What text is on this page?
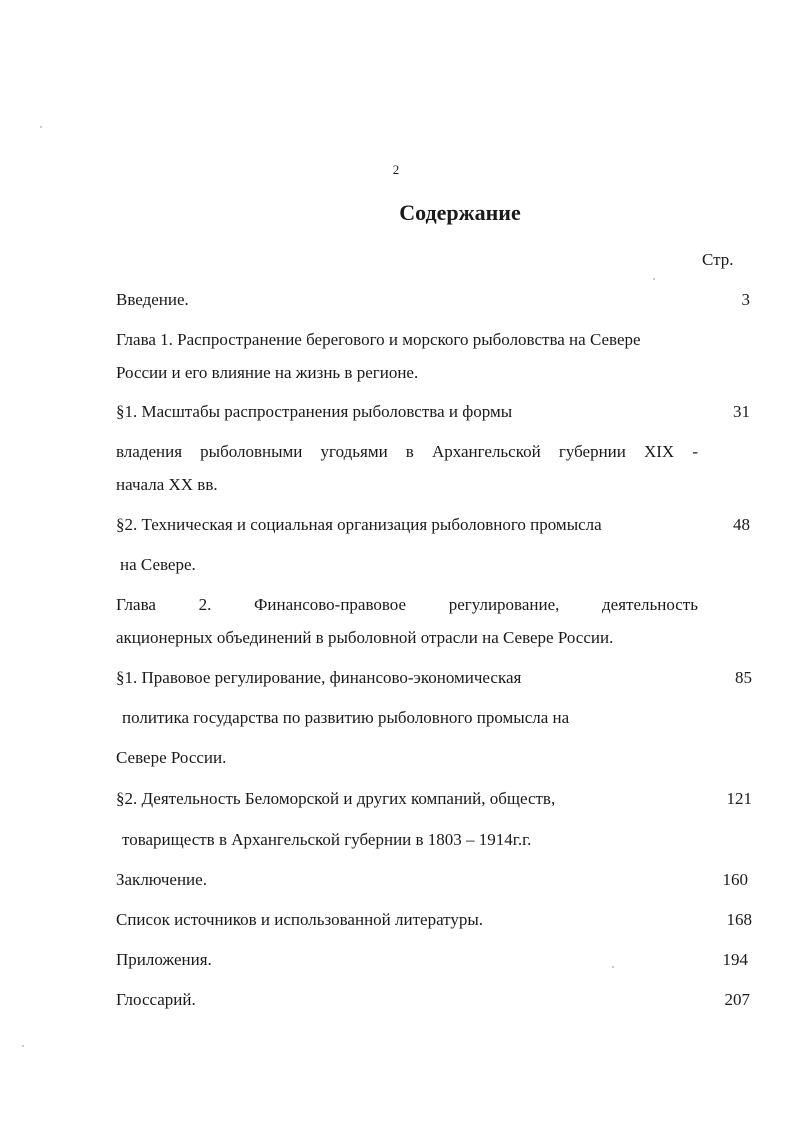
2
Содержание
Стр.
Введение.	3
Глава 1. Распространение берегового и морского рыболовства на Севере
России и его влияние на жизнь в регионе.
§1. Масштабы распространения рыболовства и формы	31
владения рыболовными угодьями в Архангельской губернии XIX -
начала XX вв.
§2. Техническая и социальная организация рыболовного промысла	48
на Севере.
Глава 2. Финансово-правовое регулирование, деятельность
акционерных объединений в рыболовной отрасли на Севере России.
§1. Правовое регулирование, финансово-экономическая	85
политика государства по развитию рыболовного промысла на
Севере России.
§2. Деятельность Беломорской и других компаний, обществ,	121
товариществ в Архангельской губернии в 1803 – 1914г.г.
Заключение.	160
Список источников и использованной литературы.	168
Приложения.	194
Глоссарий.	207
